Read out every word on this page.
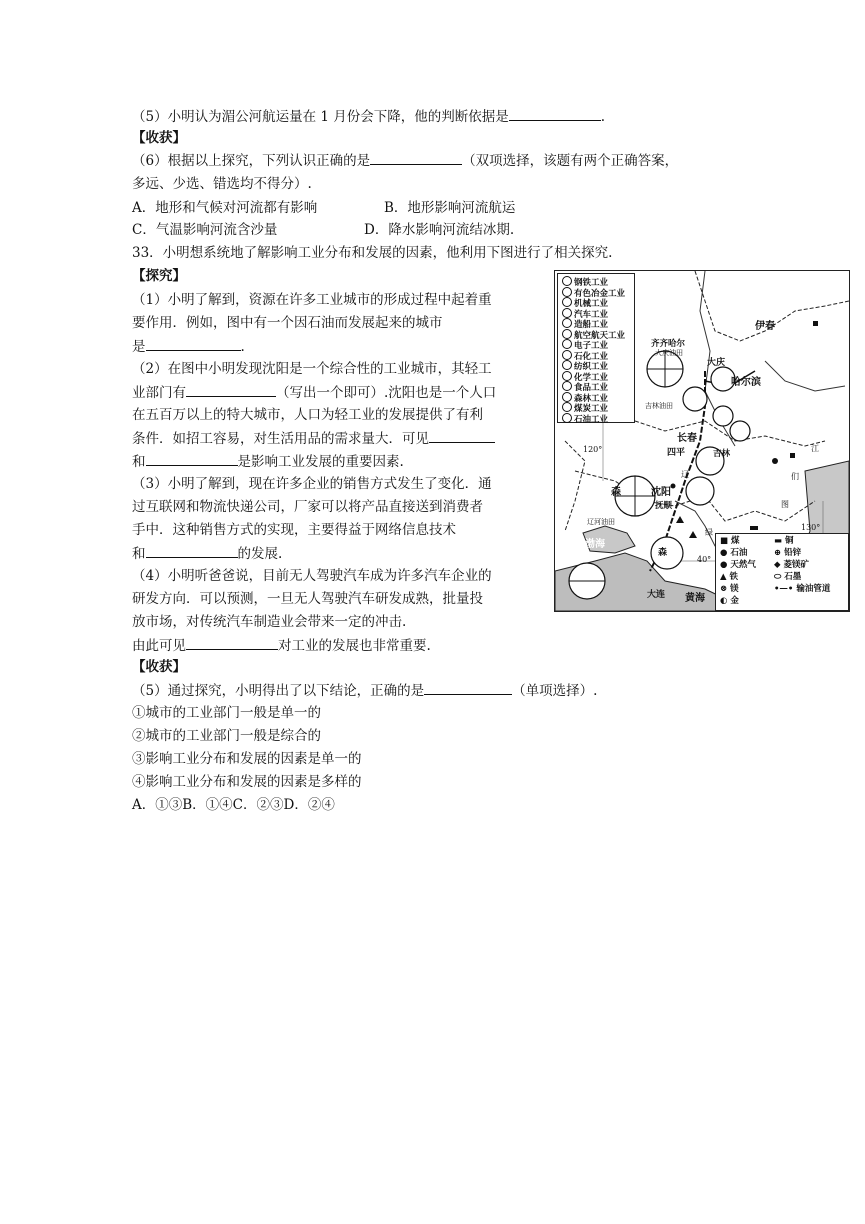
（5）小明认为湄公河航运量在 1 月份会下降，他的判断依据是	.
【收获】
（6）根据以上探究，下列认识正确的是	（双项选择，该题有两个正确答案，
多远、少选、错选均不得分）.
A．地形和气候对河流都有影响	B．地形影响河流航运
C．气温影响河流含沙量	D．降水影响河流结冰期.
33．小明想系统地了解影响工业分布和发展的因素，他利用下图进行了相关探究.
【探究】
（1）小明了解到，资源在许多工业城市的形成过程中起着重
要作用．例如，图中有一个因石油而发展起来的城市
是	.
（2）在图中小明发现沈阳是一个综合性的工业城市，其轻工
业部门有	（写出一个即可）.沈阳也是一个人口
在五百万以上的特大城市，人口为轻工业的发展提供了有利
条件．如招工容易，对生活用品的需求量大．可见
和	是影响工业发展的重要因素.
（3）小明了解到，现在许多企业的销售方式发生了变化．通
过互联网和物流快递公司，厂家可以将产品直接送到消费者
手中．这种销售方式的实现，主要得益于网络信息技术
和	的发展.
（4）小明听爸爸说，目前无人驾驶汽车成为许多汽车企业的
研发方向．可以预测，一旦无人驾驶汽车研发成熟，批量投
放市场，对传统汽车制造业会带来一定的冲击.
由此可见	对工业的发展也非常重要.
【收获】
（5）通过探究，小明得出了以下结论，正确的是	（单项选择）.
①城市的工业部门一般是单一的
②城市的工业部门一般是综合的
③影响工业分布和发展的因素是单一的
④影响工业分布和发展的因素是多样的
A．①③B．①④C．②③D．②④
钢铁工业
有色冶金工业
机械工业
汽车工业
造船工业
航空航天工业
电子工业
石化工业
纺织工业
化学工业
食品工业
森林工业
煤炭工业
石油工业
■ 煤
● 石油
● 天然气
▲ 铁
⊗ 镁
◐ 金
▬ 铜
⊕ 铅锌
◆ 菱镁矿
⬭ 石墨
•—• 输油管道
伊春
齐齐哈尔
大庆油田
大庆
哈尔滨
吉林油田
长春
吉林
四平
沈阳
抚顺
辽河油田
大连
渤海
黄海
120°
130°
40°
森
森
辽
绿
江
图
们
